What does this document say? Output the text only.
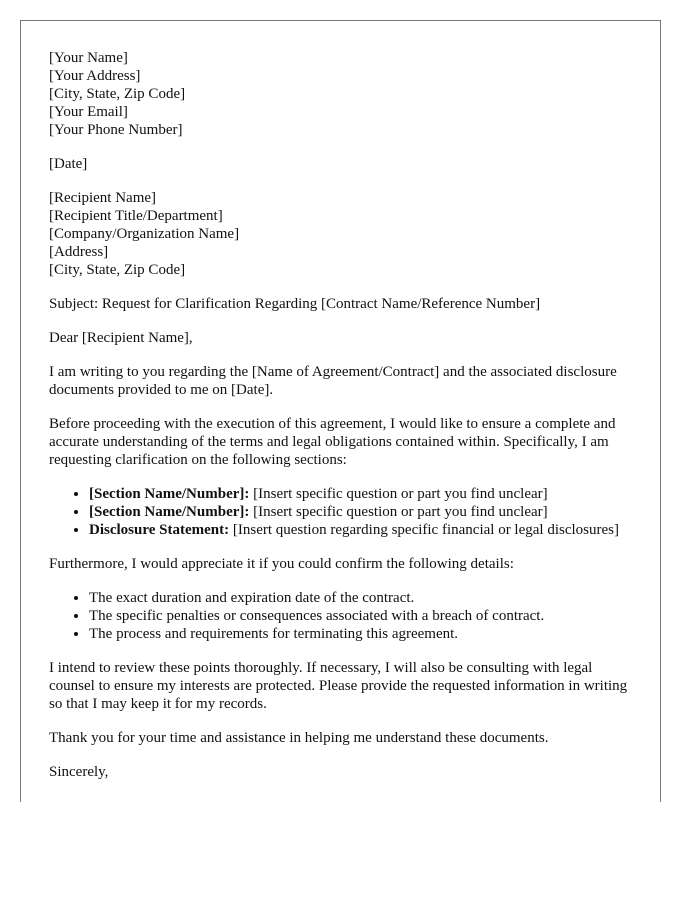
[Your Name]
[Your Address]
[City, State, Zip Code]
[Your Email]
[Your Phone Number]
[Date]
[Recipient Name]
[Recipient Title/Department]
[Company/Organization Name]
[Address]
[City, State, Zip Code]

Subject: Request for Clarification Regarding [Contract Name/Reference Number]

Dear [Recipient Name],

I am writing to you regarding the [Name of Agreement/Contract] and the associated disclosure documents provided to me on [Date].

Before proceeding with the execution of this agreement, I would like to ensure a complete and accurate understanding of the terms and legal obligations contained within. Specifically, I am requesting clarification on the following sections:

• [Section Name/Number]: [Insert specific question or part you find unclear]
• [Section Name/Number]: [Insert specific question or part you find unclear]
• Disclosure Statement: [Insert question regarding specific financial or legal disclosures]

Furthermore, I would appreciate it if you could confirm the following details:

• The exact duration and expiration date of the contract.
• The specific penalties or consequences associated with a breach of contract.
• The process and requirements for terminating this agreement.

I intend to review these points thoroughly. If necessary, I will also be consulting with legal counsel to ensure my interests are protected. Please provide the requested information in writing so that I may keep it for my records.

Thank you for your time and assistance in helping me understand these documents.

Sincerely,
